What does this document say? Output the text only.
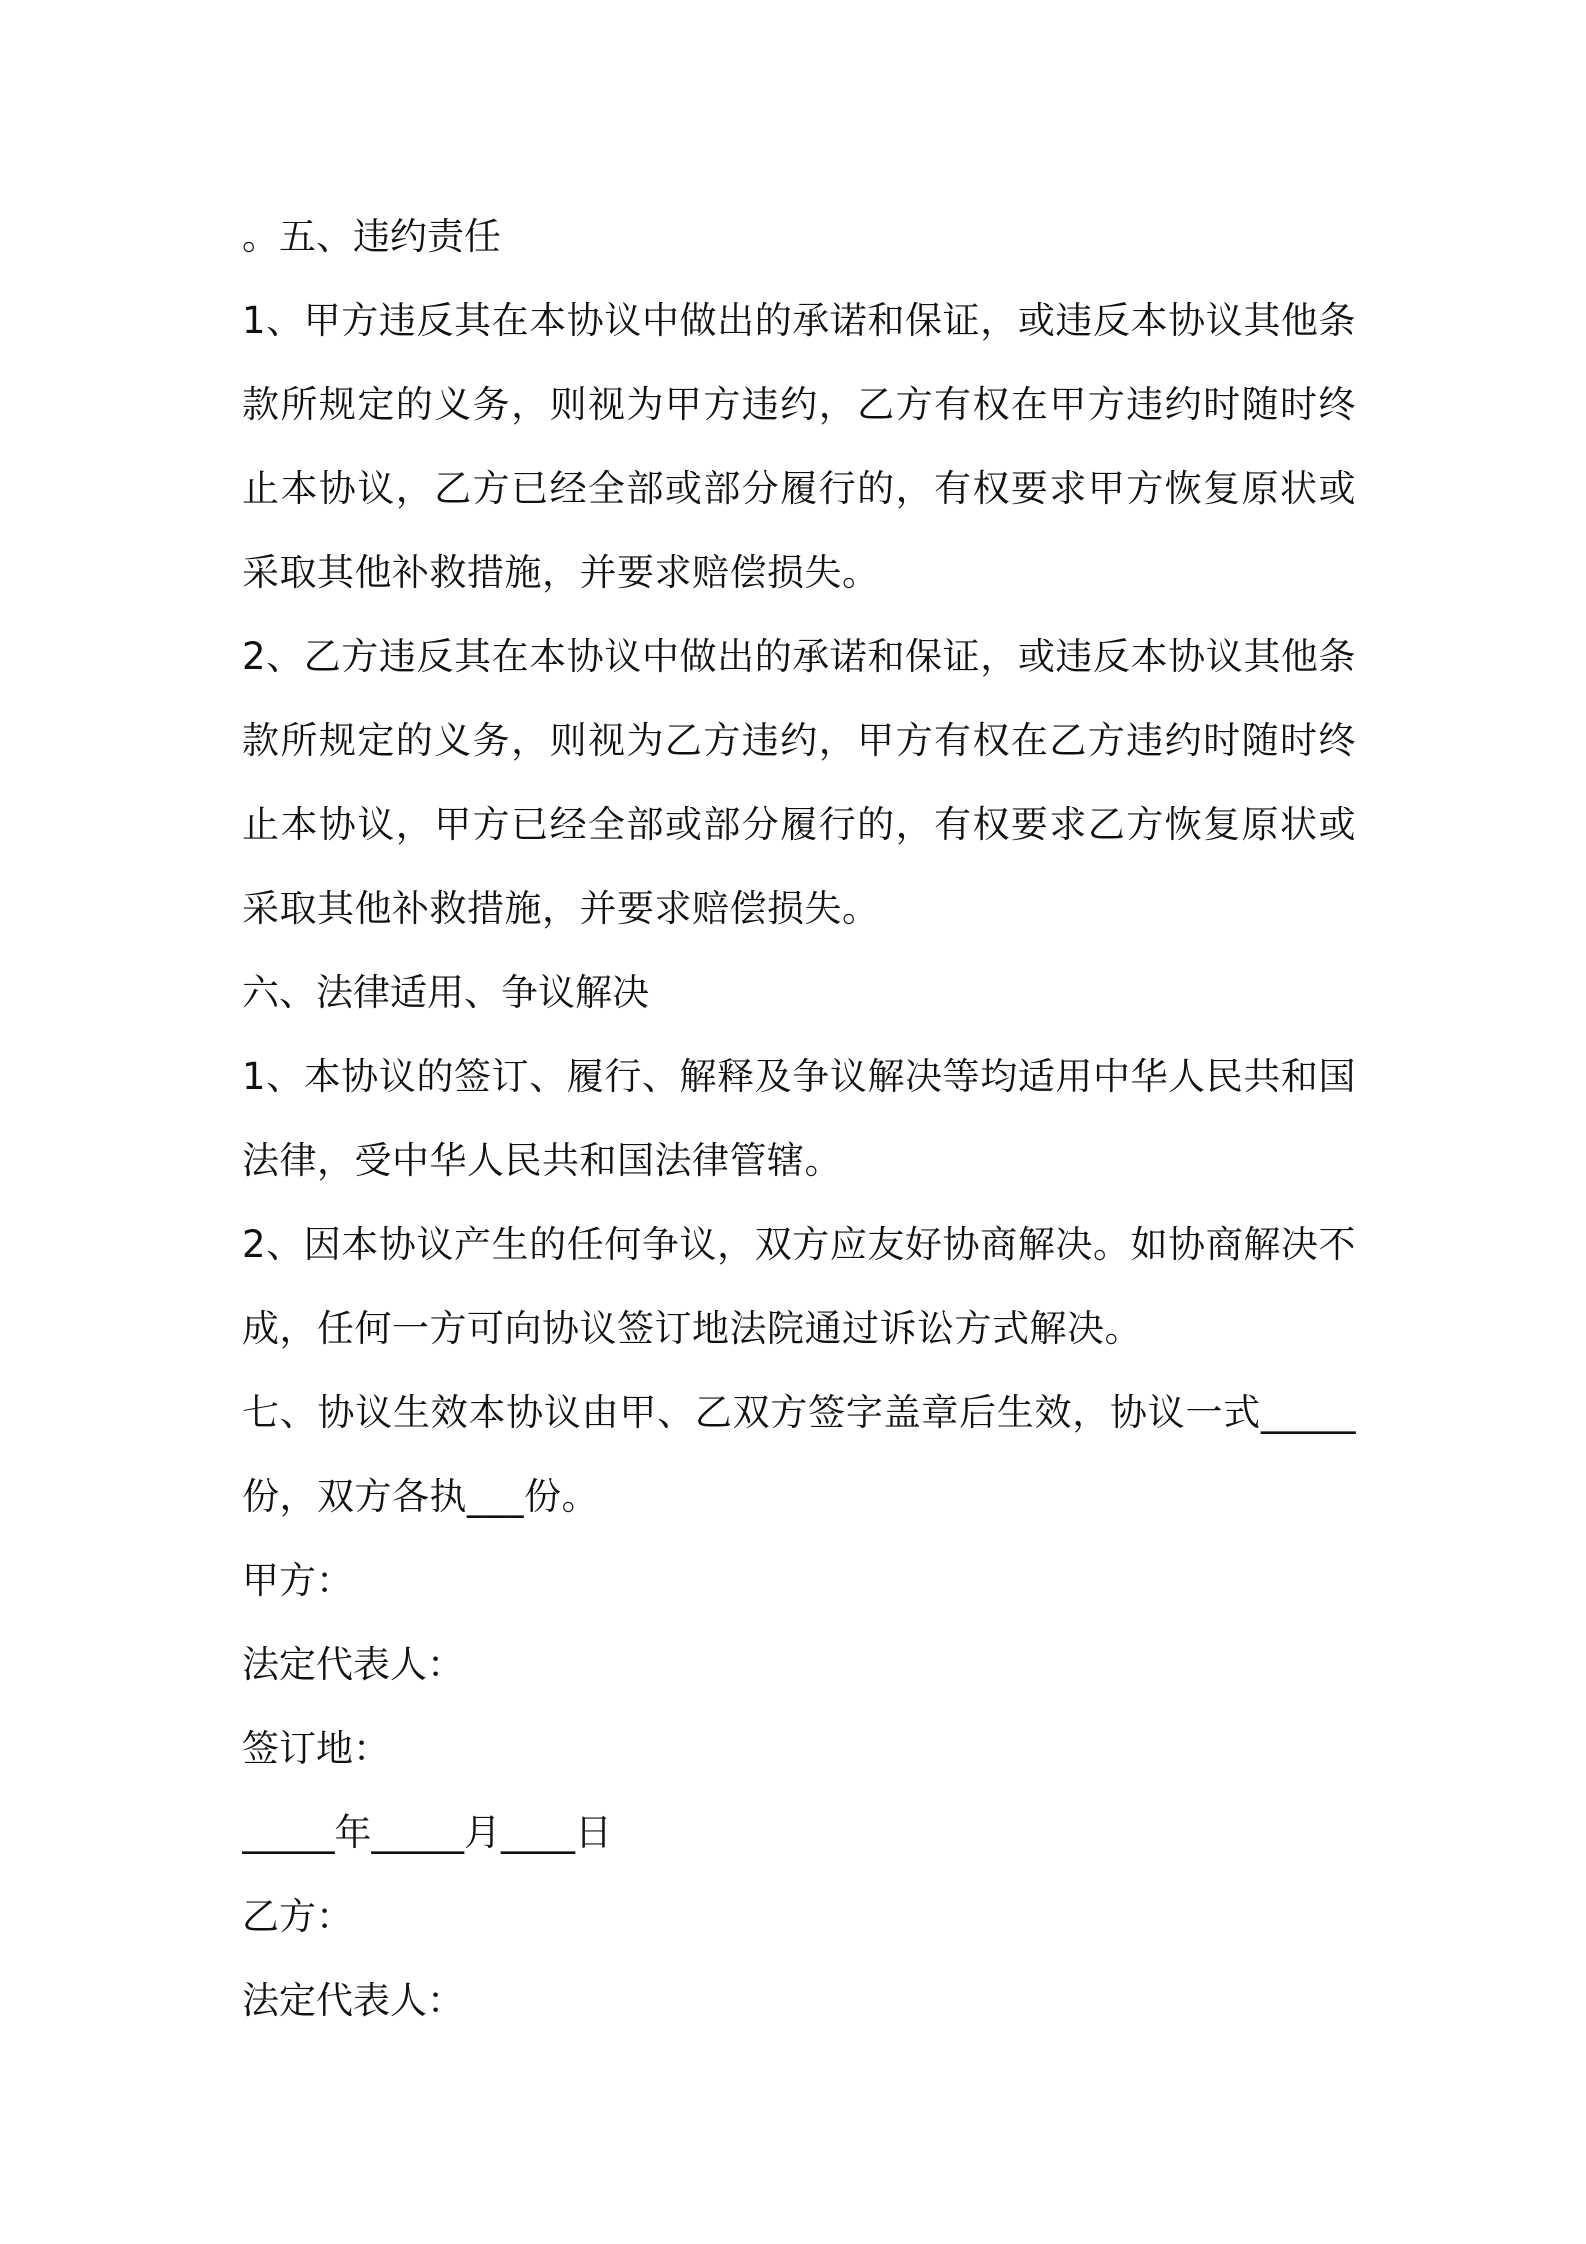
。五、违约责任
1、甲方违反其在本协议中做出的承诺和保证，或违反本协议其他条款所规定的义务，则视为甲方违约，乙方有权在甲方违约时随时终止本协议，乙方已经全部或部分履行的，有权要求甲方恢复原状或采取其他补救措施，并要求赔偿损失。
2、乙方违反其在本协议中做出的承诺和保证，或违反本协议其他条款所规定的义务，则视为乙方违约，甲方有权在乙方违约时随时终止本协议，甲方已经全部或部分履行的，有权要求乙方恢复原状或采取其他补救措施，并要求赔偿损失。
六、法律适用、争议解决
1、本协议的签订、履行、解释及争议解决等均适用中华人民共和国法律，受中华人民共和国法律管辖。
2、因本协议产生的任何争议，双方应友好协商解决。如协商解决不成，任何一方可向协议签订地法院通过诉讼方式解决。
七、协议生效本协议由甲、乙双方签字盖章后生效，协议一式_____份，双方各执___份。
甲方：
法定代表人：
签订地：
_____年_____月____日
乙方：
法定代表人：
